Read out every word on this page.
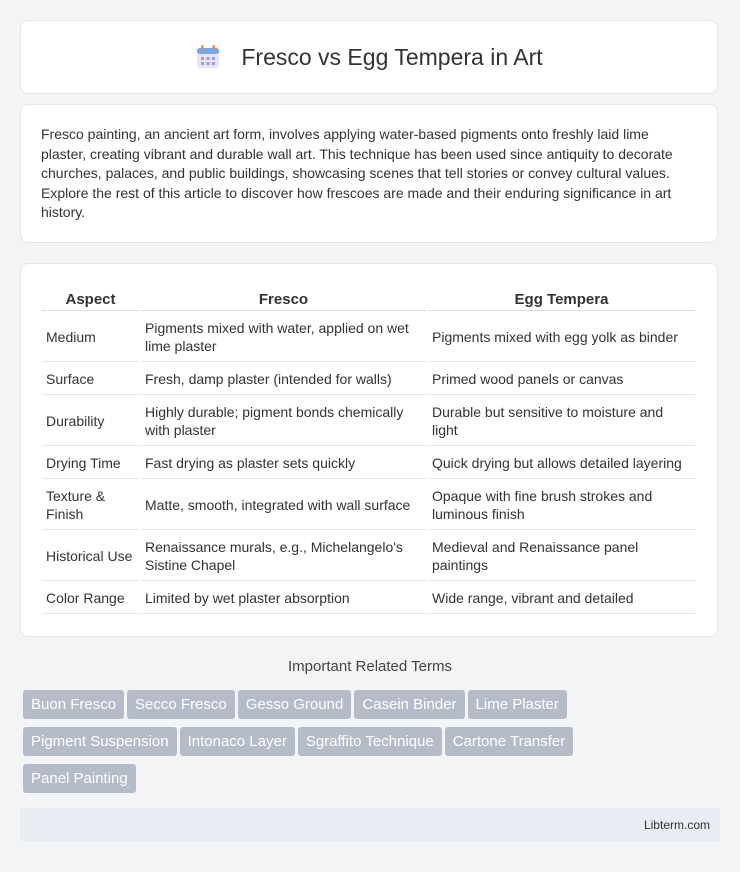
Fresco vs Egg Tempera in Art

Fresco painting, an ancient art form, involves applying water-based pigments onto freshly laid lime plaster, creating vibrant and durable wall art. This technique has been used since antiquity to decorate churches, palaces, and public buildings, showcasing scenes that tell stories or convey cultural values. Explore the rest of this article to discover how frescoes are made and their enduring significance in art history.

Aspect	Fresco	Egg Tempera
Medium	Pigments mixed with water, applied on wet lime plaster	Pigments mixed with egg yolk as binder
Surface	Fresh, damp plaster (intended for walls)	Primed wood panels or canvas
Durability	Highly durable; pigment bonds chemically with plaster	Durable but sensitive to moisture and light
Drying Time	Fast drying as plaster sets quickly	Quick drying but allows detailed layering
Texture & Finish	Matte, smooth, integrated with wall surface	Opaque with fine brush strokes and luminous finish
Historical Use	Renaissance murals, e.g., Michelangelo's Sistine Chapel	Medieval and Renaissance panel paintings
Color Range	Limited by wet plaster absorption	Wide range, vibrant and detailed
Important Related Terms
Buon Fresco Secco Fresco Gesso Ground Casein Binder Lime Plaster
Pigment Suspension Intonaco Layer Sgraffito Technique Cartone Transfer
Panel Painting
Libterm.com
